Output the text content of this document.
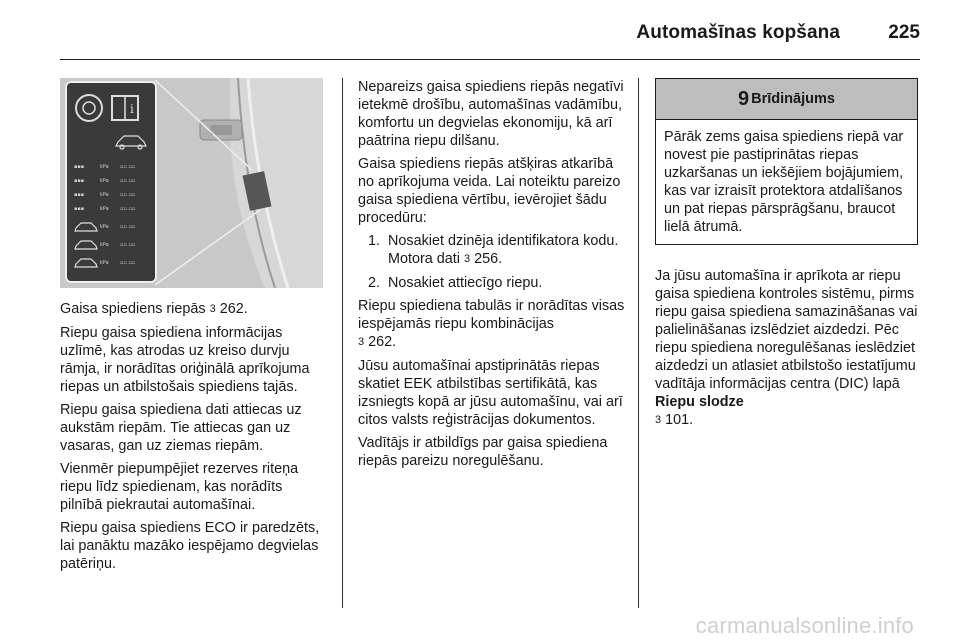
Automašīnas kopšana	225
i
▪▪▪	kPa ▫▫ ▫▫
▪▪▪	kPa ▫▫ ▫▫
▪▪▪	kPa ▫▫ ▫▫
▪▪▪	kPa ▫▫ ▫▫
kPa ▫▫ ▫▫
kPa ▫▫ ▫▫
kPa ▫▫ ▫▫

Gaisa spiediens riepās 3 262.

Riepu gaisa spiediena informācijas uzlīmē, kas atrodas uz kreiso durvju rāmja, ir norādītas oriģinālā aprīkojuma riepas un atbilstošais spiediens tajās.

Riepu gaisa spiediena dati attiecas uz aukstām riepām. Tie attiecas gan uz vasaras, gan uz ziemas riepām.

Vienmēr piepumpējiet rezerves riteņa riepu līdz spiedienam, kas norādīts pilnībā piekrautai automašīnai.

Riepu gaisa spiediens ECO ir paredzēts, lai panāktu mazāko iespējamo degvielas patēriņu.

Nepareizs gaisa spiediens riepās negatīvi ietekmē drošību, automašīnas vadāmību, komfortu un degvielas ekonomiju, kā arī paātrina riepu dilšanu.

Gaisa spiediens riepās atšķiras atkarībā no aprīkojuma veida. Lai noteiktu pareizo gaisa spiediena vērtību, ievērojiet šādu procedūru:

1. Nosakiet dzinēja identifikatora kodu. Motora dati 3 256.
2. Nosakiet attiecīgo riepu.

Riepu spiediena tabulās ir norādītas visas iespējamās riepu kombinācijas
3 262.

Jūsu automašīnai apstiprinātās riepas skatiet EEK atbilstības sertifikātā, kas izsniegts kopā ar jūsu automašīnu, vai arī citos valsts reģistrācijas dokumentos.

Vadītājs ir atbildīgs par gaisa spiediena riepās pareizu noregulēšanu.

9 Brīdinājums
Pārāk zems gaisa spiediens riepā var novest pie pastiprinātas riepas uzkaršanas un iekšējiem bojājumiem, kas var izraisīt protektora atdalīšanos un pat riepas pārsprāgšanu, braucot lielā ātrumā.

Ja jūsu automašīna ir aprīkota ar riepu gaisa spiediena kontroles sistēmu, pirms riepu gaisa spiediena samazināšanas vai palielināšanas izslēdziet aizdedzi. Pēc riepu spiediena noregulēšanas ieslēdziet aizdedzi un atlasiet atbilstošo iestatījumu vadītāja informācijas centra (DIC) lapā Riepu slodze
3 101.

carmanualsonline.info
